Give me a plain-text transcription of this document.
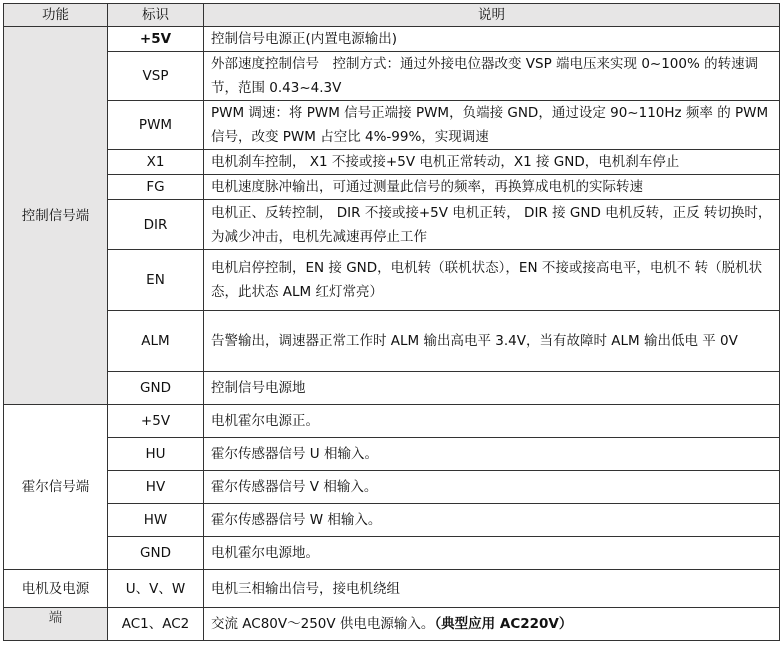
功能	标识	说明
控制信号端	+5V	控制信号电源正(内置电源输出)
	VSP	外部速度控制信号　控制方式：通过外接电位器改变 VSP 端电压来实现 0~100% 的转速调节，范围 0.43~4.3V
	PWM	PWM 调速：将 PWM 信号正端接 PWM，负端接 GND，通过设定 90~110Hz 频率 的 PWM 信号，改变 PWM 占空比 4%-99%，实现调速
	X1	电机刹车控制， X1 不接或接+5V 电机正常转动，X1 接 GND，电机刹车停止
	FG	电机速度脉冲输出，可通过测量此信号的频率，再换算成电机的实际转速
	DIR	电机正、反转控制， DIR 不接或接+5V 电机正转， DIR 接 GND 电机反转，正反 转切换时，为减少冲击，电机先减速再停止工作
	EN	电机启停控制，EN 接 GND，电机转（联机状态），EN 不接或接高电平，电机不 转（脱机状态，此状态 ALM 红灯常亮）
	ALM	告警输出，调速器正常工作时 ALM 输出高电平 3.4V，当有故障时 ALM 输出低电 平 0V
	GND	控制信号电源地
霍尔信号端	+5V	电机霍尔电源正。
	HU	霍尔传感器信号 U 相输入。
	HV	霍尔传感器信号 V 相输入。
	HW	霍尔传感器信号 W 相输入。
	GND	电机霍尔电源地。
电机及电源	U、V、W	电机三相输出信号，接电机绕组
端	AC1、AC2	交流 AC80V～250V 供电电源输入。（典型应用 AC220V）
